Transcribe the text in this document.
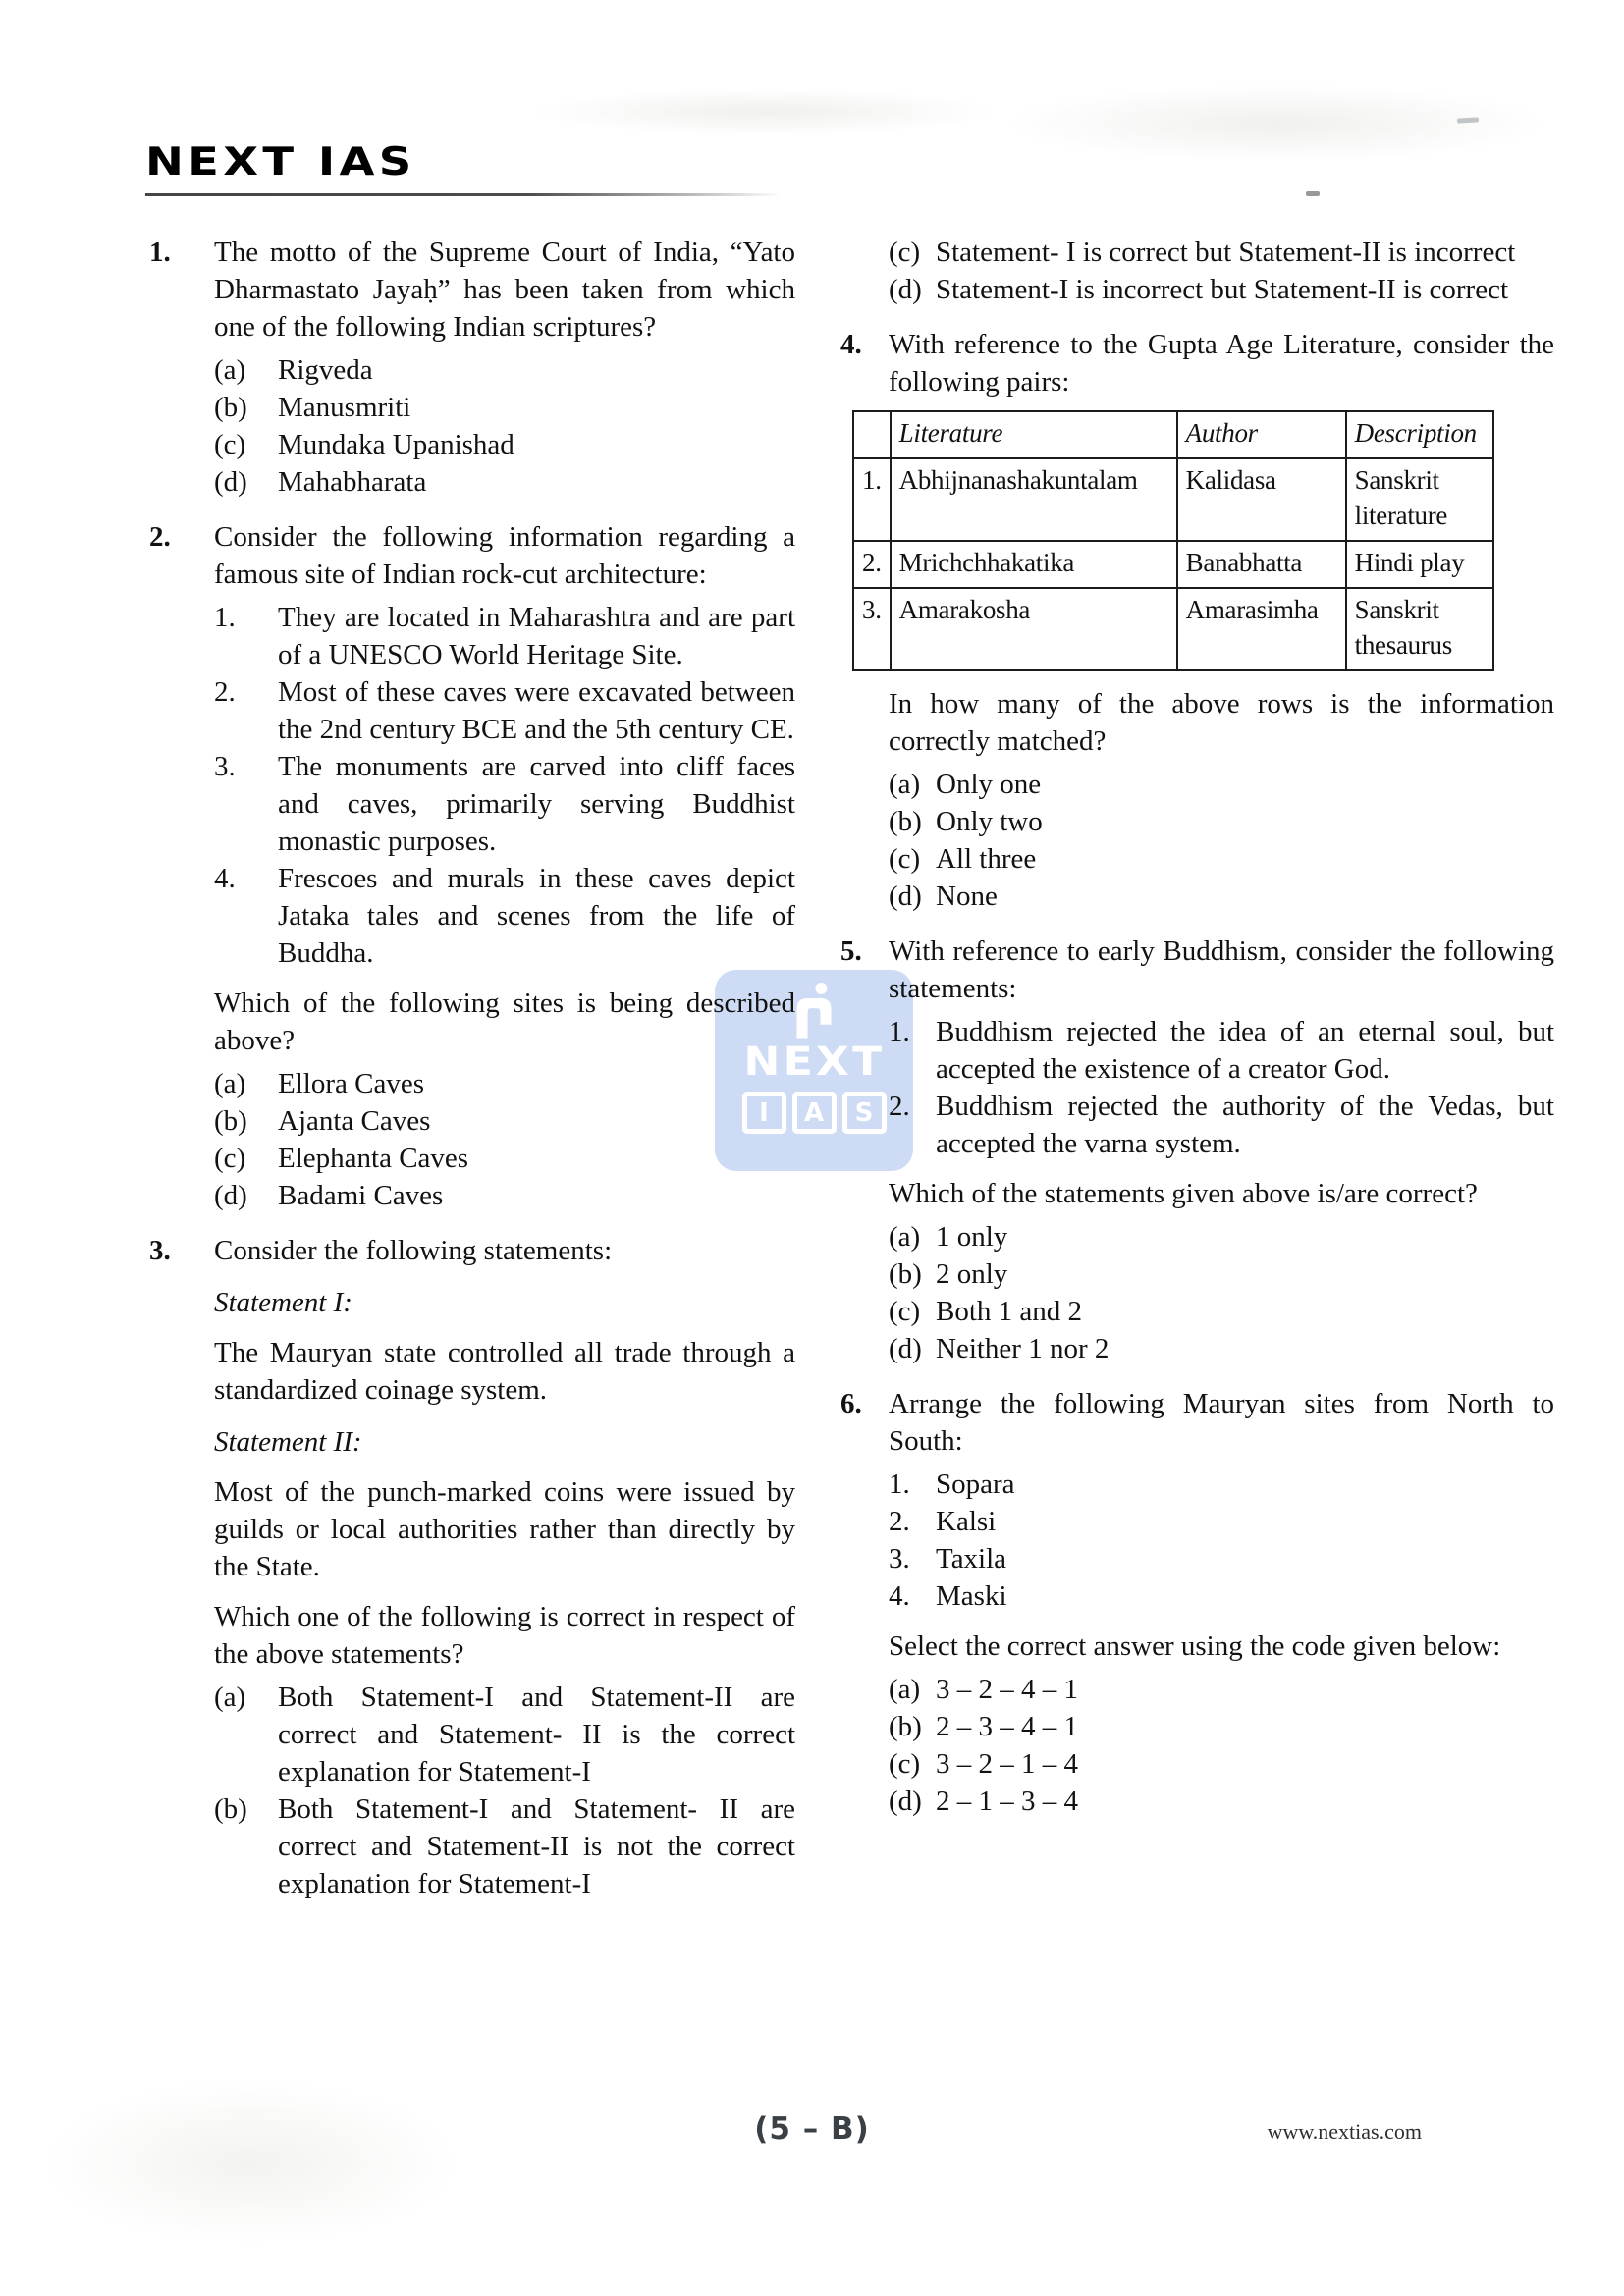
NEXT IAS
NEXT
I	A	S
1.	The motto of the Supreme Court of India, “Yato Dharmastato Jayaḥ” has been taken from which one of the following Indian scriptures?

(a)	Rigveda
(b)	Manusmriti
(c)	Mundaka Upanishad
(d)	Mahabharata
2.	Consider the following information regarding a famous site of Indian rock-cut architecture:

1.	They are located in Maharashtra and are part of a UNESCO World Heritage Site.
2.	Most of these caves were excavated between the 2nd century BCE and the 5th century CE.
3.	The monuments are carved into cliff faces and caves, primarily serving Buddhist monastic purposes.
4.	Frescoes and murals in these caves depict Jataka tales and scenes from the life of Buddha.

Which of the following sites is being described above?

(a)	Ellora Caves
(b)	Ajanta Caves
(c)	Elephanta Caves
(d)	Badami Caves
3.	Consider the following statements:

Statement I:

The Mauryan state controlled all trade through a standardized coinage system.

Statement II:

Most of the punch-marked coins were issued by guilds or local authorities rather than directly by the State.

Which one of the following is correct in respect of the above statements?

(a)	Both Statement-I and Statement-II are correct and Statement- II is the correct explanation for Statement-I
(b)	Both Statement-I and Statement- II are correct and Statement-II is not the correct explanation for Statement-I
(c) Statement- I is correct but Statement-II is incorrect
(d) Statement-I is incorrect but Statement-II is correct
4. With reference to the Gupta Age Literature, consider the following pairs:

	Literature	Author	Description
1.	Abhijnanashakuntalam	Kalidasa	Sanskrit literature
2.	Mrichchhakatika	Banabhatta	Hindi play
3.	Amarakosha	Amarasimha	Sanskrit thesaurus

In how many of the above rows is the information correctly matched?

(a) Only one
(b) Only two
(c) All three
(d) None
5. With reference to early Buddhism, consider the following statements:

1. Buddhism rejected the idea of an eternal soul, but accepted the existence of a creator God.
2. Buddhism rejected the authority of the Vedas, but accepted the varna system.

Which of the statements given above is/are correct?

(a) 1 only
(b) 2 only
(c) Both 1 and 2
(d) Neither 1 nor 2
6. Arrange the following Mauryan sites from North to South:

1. Sopara
2. Kalsi
3. Taxila
4. Maski

Select the correct answer using the code given below:

(a) 3 – 2 – 4 – 1
(b) 2 – 3 – 4 – 1
(c) 3 – 2 – 1 – 4
(d) 2 – 1 – 3 – 4
(5 – B)	www.nextias.com
